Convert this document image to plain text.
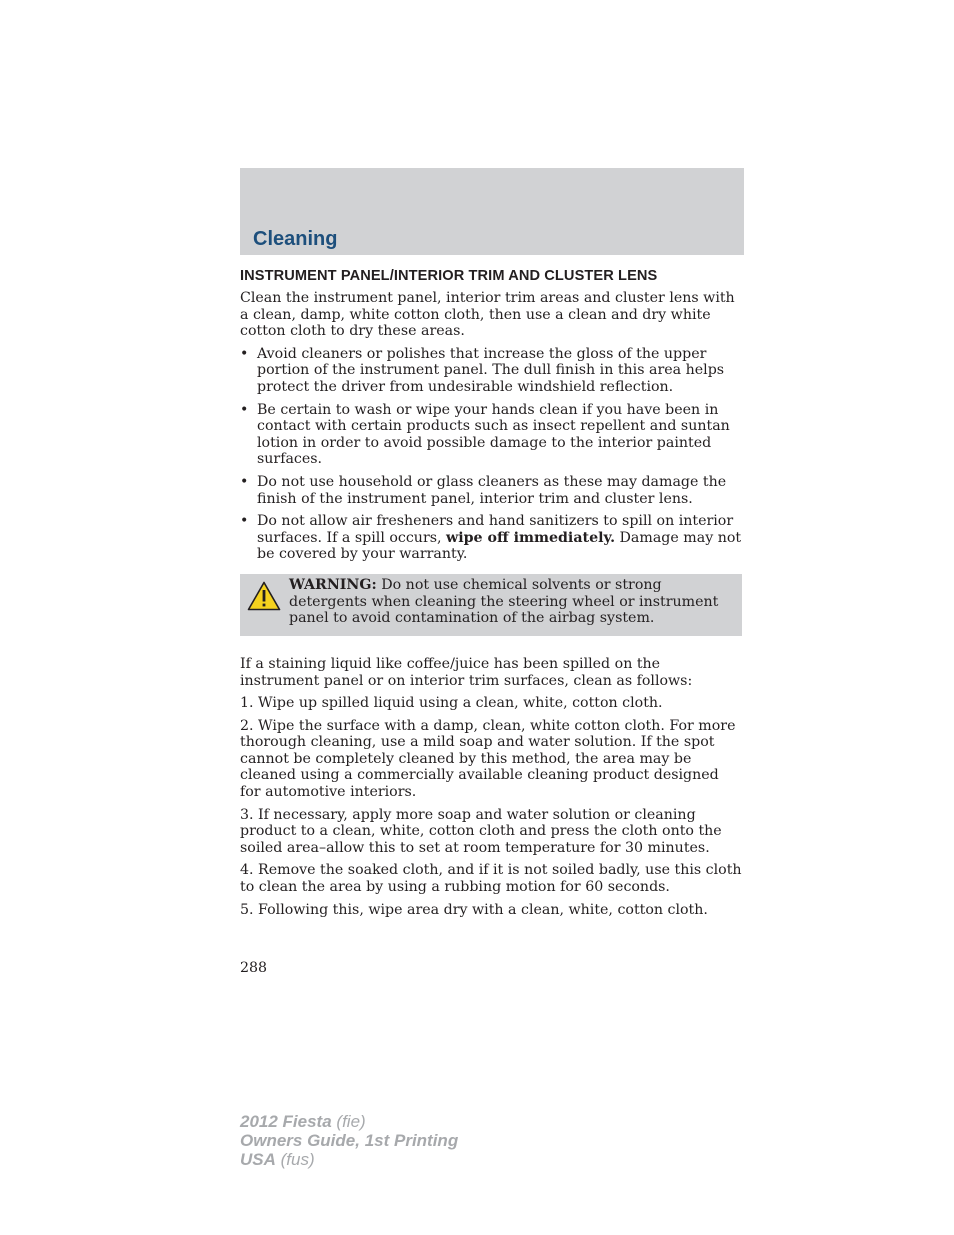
Cleaning
INSTRUMENT PANEL/INTERIOR TRIM AND CLUSTER LENS

Clean the instrument panel, interior trim areas and cluster lens with a clean, damp, white cotton cloth, then use a clean and dry white cotton cloth to dry these areas.

• Avoid cleaners or polishes that increase the gloss of the upper portion of the instrument panel. The dull finish in this area helps protect the driver from undesirable windshield reflection.
• Be certain to wash or wipe your hands clean if you have been in contact with certain products such as insect repellent and suntan lotion in order to avoid possible damage to the interior painted surfaces.
• Do not use household or glass cleaners as these may damage the finish of the instrument panel, interior trim and cluster lens.
• Do not allow air fresheners and hand sanitizers to spill on interior surfaces. If a spill occurs, wipe off immediately. Damage may not be covered by your warranty.
WARNING: Do not use chemical solvents or strong detergents when cleaning the steering wheel or instrument panel to avoid contamination of the airbag system.

If a staining liquid like coffee/juice has been spilled on the instrument panel or on interior trim surfaces, clean as follows:

1. Wipe up spilled liquid using a clean, white, cotton cloth.

2. Wipe the surface with a damp, clean, white cotton cloth. For more thorough cleaning, use a mild soap and water solution. If the spot cannot be completely cleaned by this method, the area may be cleaned using a commercially available cleaning product designed for automotive interiors.

3. If necessary, apply more soap and water solution or cleaning product to a clean, white, cotton cloth and press the cloth onto the soiled area–allow this to set at room temperature for 30 minutes.

4. Remove the soaked cloth, and if it is not soiled badly, use this cloth to clean the area by using a rubbing motion for 60 seconds.

5. Following this, wipe area dry with a clean, white, cotton cloth.

288
2012 Fiesta (fie)
Owners Guide, 1st Printing
USA (fus)
